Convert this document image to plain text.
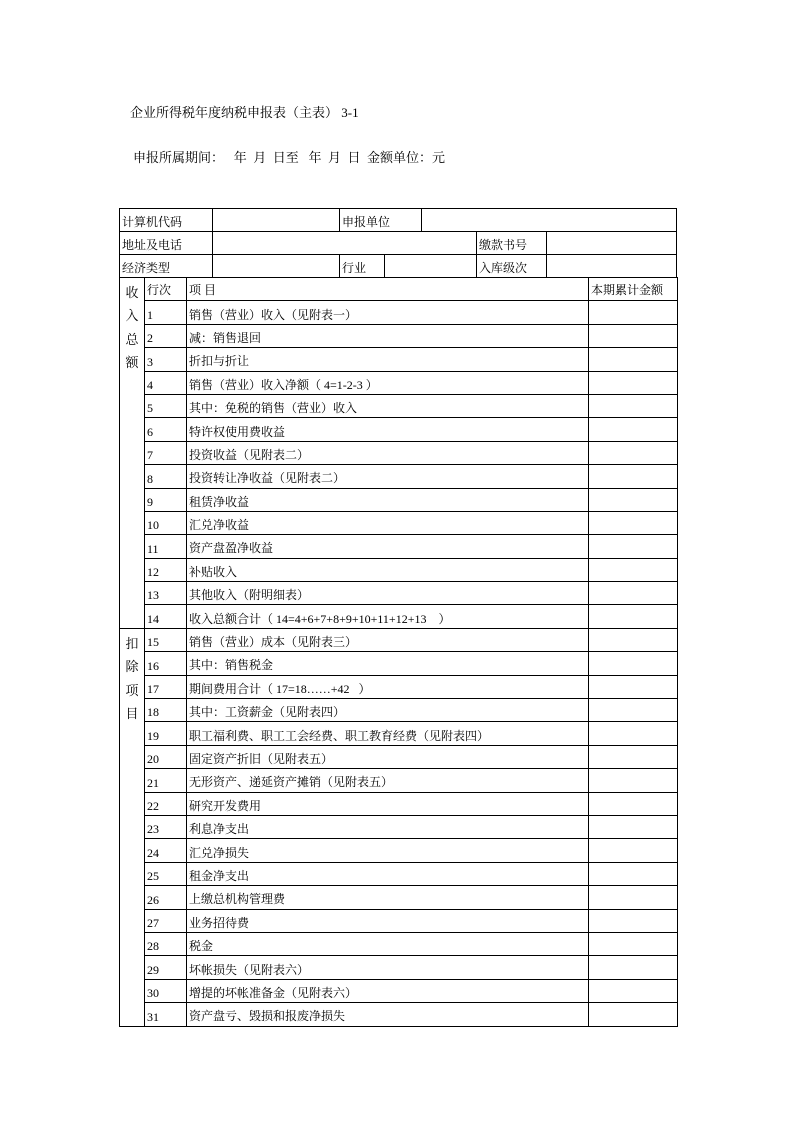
企业所得税年度纳税申报表（主表） 3-1
申报所属期间：   年  月  日至   年  月  日  金额单位：元
计算机代码	申报单位
地址及电话	缴款书号
经济类型	行业	入库级次
收入总额	行次	项 目	本期累计金额
	1	销售（营业）收入（见附表一）	
	2	减：销售退回	
	3	折扣与折让	
	4	销售（营业）收入净额（ 4=1-2-3 ）	
	5	其中：免税的销售（营业）收入	
	6	特许权使用费收益	
	7	投资收益（见附表二）	
	8	投资转让净收益（见附表二）	
	9	租赁净收益	
	10	汇兑净收益	
	11	资产盘盈净收益	
	12	补贴收入	
	13	其他收入（附明细表）	
	14	收入总额合计（ 14=4+6+7+8+9+10+11+12+13    ）	

扣除项目	15	销售（营业）成本（见附表三）	
	16	其中：销售税金	
	17	期间费用合计（ 17=18……+42   ）	
	18	其中：工资薪金（见附表四）	
	19	职工福利费、职工工会经费、职工教育经费（见附表四）	
	20	固定资产折旧（见附表五）	
	21	无形资产、递延资产摊销（见附表五）	
	22	研究开发费用	
	23	利息净支出	
	24	汇兑净损失	
	25	租金净支出	
	26	上缴总机构管理费	
	27	业务招待费	
	28	税金	
	29	坏帐损失（见附表六）	
	30	增提的坏帐准备金（见附表六）	
	31	资产盘亏、毁损和报废净损失	
